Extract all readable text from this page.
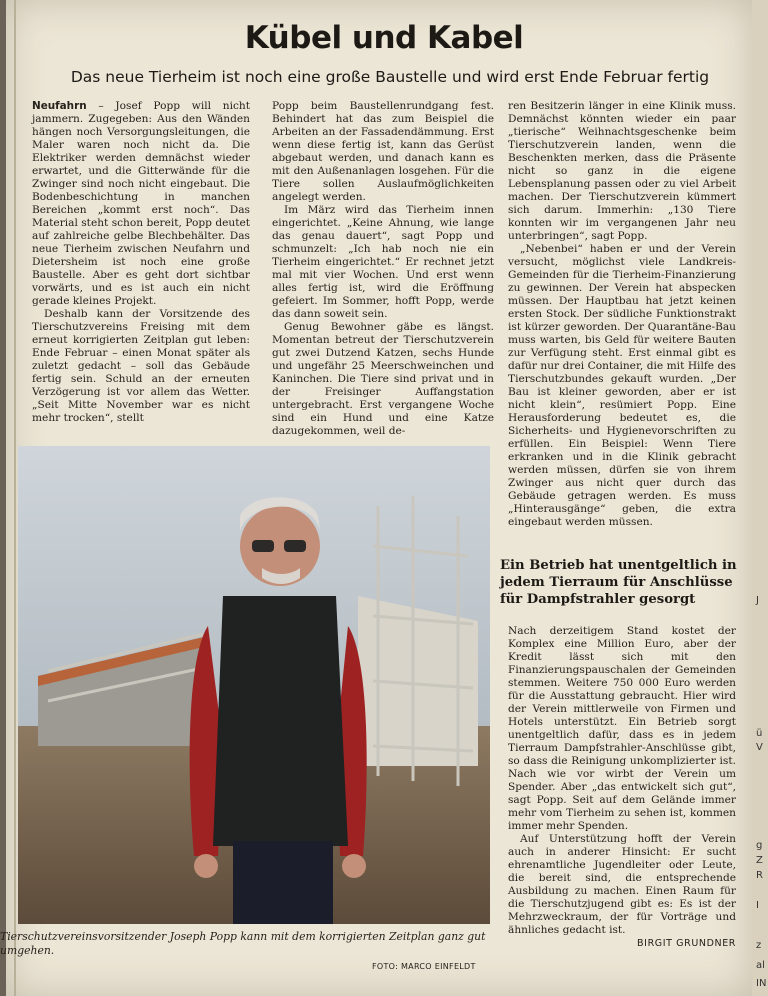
J
ü
V
g
Z
R
I
z
al
IN
Kübel und Kabel
Das neue Tierheim ist noch eine große Baustelle und wird erst Ende Februar fertig

Neufahrn – Josef Popp will nicht jammern. Zugegeben: Aus den Wänden hängen noch Versorgungsleitungen, die Maler waren noch nicht da. Die Elektriker werden demnächst wieder erwartet, und die Gitterwände für die Zwinger sind noch nicht eingebaut. Die Bodenbeschichtung in manchen Bereichen „kommt erst noch“. Das Material steht schon bereit, Popp deutet auf zahlreiche gelbe Blechbehälter. Das neue Tierheim zwischen Neufahrn und Dietersheim ist noch eine große Baustelle. Aber es geht dort sichtbar vorwärts, und es ist auch ein nicht gerade kleines Projekt.

Deshalb kann der Vorsitzende des Tierschutzvereins Freising mit dem erneut korrigierten Zeitplan gut leben: Ende Februar – einen Monat später als zuletzt gedacht – soll das Gebäude fertig sein. Schuld an der erneuten Verzögerung ist vor allem das Wetter. „Seit Mitte November war es nicht mehr trocken“, stellt

Popp beim Baustellenrundgang fest. Behindert hat das zum Beispiel die Arbeiten an der Fassadendämmung. Erst wenn diese fertig ist, kann das Gerüst abgebaut werden, und danach kann es mit den Außenanlagen losgehen. Für die Tiere sollen Auslaufmöglichkeiten angelegt werden.

Im März wird das Tierheim innen eingerichtet. „Keine Ahnung, wie lange das genau dauert“, sagt Popp und schmunzelt: „Ich hab noch nie ein Tierheim eingerichtet.“ Er rechnet jetzt mal mit vier Wochen. Und erst wenn alles fertig ist, wird die Eröffnung gefeiert. Im Sommer, hofft Popp, werde das dann soweit sein.

Genug Bewohner gäbe es längst. Momentan betreut der Tierschutzverein gut zwei Dutzend Katzen, sechs Hunde und ungefähr 25 Meerschweinchen und Kaninchen. Die Tiere sind privat und in der Freisinger Auffangstation untergebracht. Erst vergangene Woche sind ein Hund und eine Katze dazugekommen, weil de-

ren Besitzerin länger in eine Klinik muss. Demnächst könnten wieder ein paar „tierische“ Weihnachtsgeschenke beim Tierschutzverein landen, wenn die Beschenkten merken, dass die Präsente nicht so ganz in die eigene Lebensplanung passen oder zu viel Arbeit machen. Der Tierschutzverein kümmert sich darum. Immerhin: „130 Tiere konnten wir im vergangenen Jahr neu unterbringen“, sagt Popp.

„Nebenbei“ haben er und der Verein versucht, möglichst viele Landkreis-Gemeinden für die Tierheim-Finanzierung zu gewinnen. Der Verein hat abspecken müssen. Der Hauptbau hat jetzt keinen ersten Stock. Der südliche Funktionstrakt ist kürzer geworden. Der Quarantäne-Bau muss warten, bis Geld für weitere Bauten zur Verfügung steht. Erst einmal gibt es dafür nur drei Container, die mit Hilfe des Tierschutzbundes gekauft wurden. „Der Bau ist kleiner geworden, aber er ist nicht klein“, resümiert Popp. Eine Herausforderung bedeutet es, die Sicherheits- und Hygienevorschriften zu erfüllen. Ein Beispiel: Wenn Tiere erkranken und in die Klinik gebracht werden müssen, dürfen sie von ihrem Zwinger aus nicht quer durch das Gebäude getragen werden. Es muss „Hinterausgänge“ geben, die extra eingebaut werden müssen.

Ein Betrieb hat unentgeltlich in jedem Tierraum für Anschlüsse für Dampfstrahler gesorgt

Nach derzeitigem Stand kostet der Komplex eine Million Euro, aber der Kredit lässt sich mit den Finanzierungspauschalen der Gemeinden stemmen. Weitere 750 000 Euro werden für die Ausstattung gebraucht. Hier wird der Verein mittlerweile von Firmen und Hotels unterstützt. Ein Betrieb sorgt unentgeltlich dafür, dass es in jedem Tierraum Dampfstrahler-Anschlüsse gibt, so dass die Reinigung unkomplizierter ist. Nach wie vor wirbt der Verein um Spender. Aber „das entwickelt sich gut“, sagt Popp. Seit auf dem Gelände immer mehr vom Tierheim zu sehen ist, kommen immer mehr Spenden.

Auf Unterstützung hofft der Verein auch in anderer Hinsicht: Er sucht ehrenamtliche Jugendleiter oder Leute, die bereit sind, die entsprechende Ausbildung zu machen. Einen Raum für die Tierschutzjugend gibt es: Es ist der Mehrzweckraum, der für Vorträge und ähnliches gedacht ist.
BIRGIT GRUNDNER

Tierschutzvereinsvorsitzender Joseph Popp kann mit dem korrigierten Zeitplan ganz gut umgehen.
FOTO: MARCO EINFELDT
